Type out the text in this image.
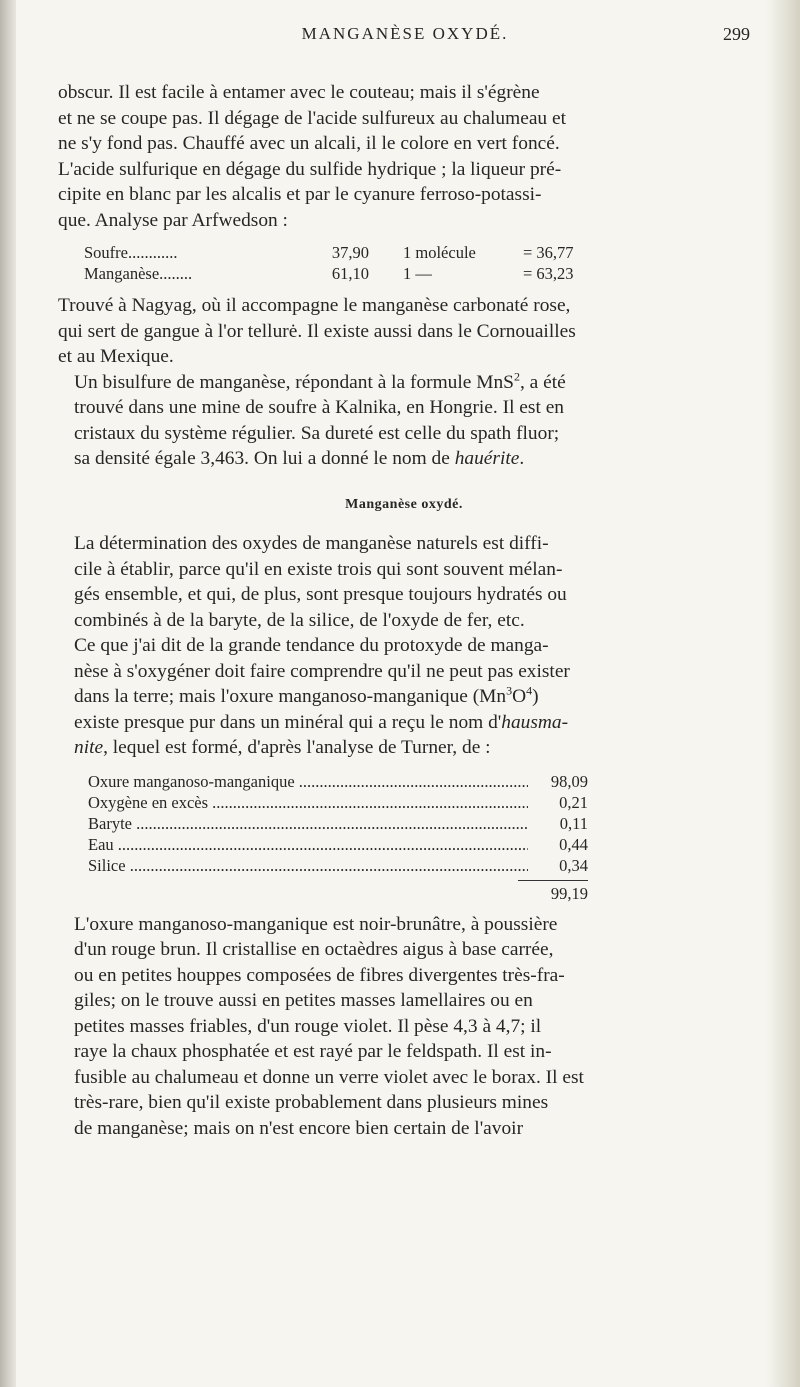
MANGANÈSE OXYDÉ.	299

obscur. Il est facile à entamer avec le couteau; mais il s'égrène
et ne se coupe pas. Il dégage de l'acide sulfureux au chalumeau et
ne s'y fond pas. Chauffé avec un alcali, il le colore en vert foncé.
L'acide sulfurique en dégage du sulfide hydrique ; la liqueur pré-
cipite en blanc par les alcalis et par le cyanure ferroso-potassi-
que. Analyse par Arfwedson :

Soufre............	37,90		1 molécule	= 36,77
Manganèse........	61,10		1 —	= 63,23

Trouvé à Nagyag, où il accompagne le manganèse carbonaté rose,
qui sert de gangue à l'or tellurė. Il existe aussi dans le Cornouailles
et au Mexique.

Un bisulfure de manganèse, répondant à la formule MnS$^2$, a été
trouvé dans une mine de soufre à Kalnika, en Hongrie. Il est en
cristaux du système régulier. Sa dureté est celle du spath fluor;
sa densité égale 3,463. On lui a donné le nom de hauérite.

Manganèse oxydé.

La détermination des oxydes de manganèse naturels est diffi-
cile à établir, parce qu'il en existe trois qui sont souvent mélan-
gés ensemble, et qui, de plus, sont presque toujours hydratés ou
combinés à de la baryte, de la silice, de l'oxyde de fer, etc.

Ce que j'ai dit de la grande tendance du protoxyde de manga-
nèse à s'oxygéner doit faire comprendre qu'il ne peut pas exister
dans la terre; mais l'oxure manganoso-manganique $(Mn^3O^4)$
existe presque pur dans un minéral qui a reçu le nom d'hausma-
nite, lequel est formé, d'après l'analyse de Turner, de :

Oxure manganoso-manganique .....	98,09
Oxygène en excès .....	0,21
Baryte .....	0,11
Eau .....	0,44
Silice .....	0,34
99,19

L'oxure manganoso-manganique est noir-brunâtre, à poussière
d'un rouge brun. Il cristallise en octaèdres aigus à base carrée,
ou en petites houppes composées de fibres divergentes très-fra-
giles; on le trouve aussi en petites masses lamellaires ou en
petites masses friables, d'un rouge violet. Il pèse 4,3 à 4,7; il
raye la chaux phosphatée et est rayé par le feldspath. Il est in-
fusible au chalumeau et donne un verre violet avec le borax. Il est
très-rare, bien qu'il existe probablement dans plusieurs mines
de manganèse; mais on n'est encore bien certain de l'avoir
